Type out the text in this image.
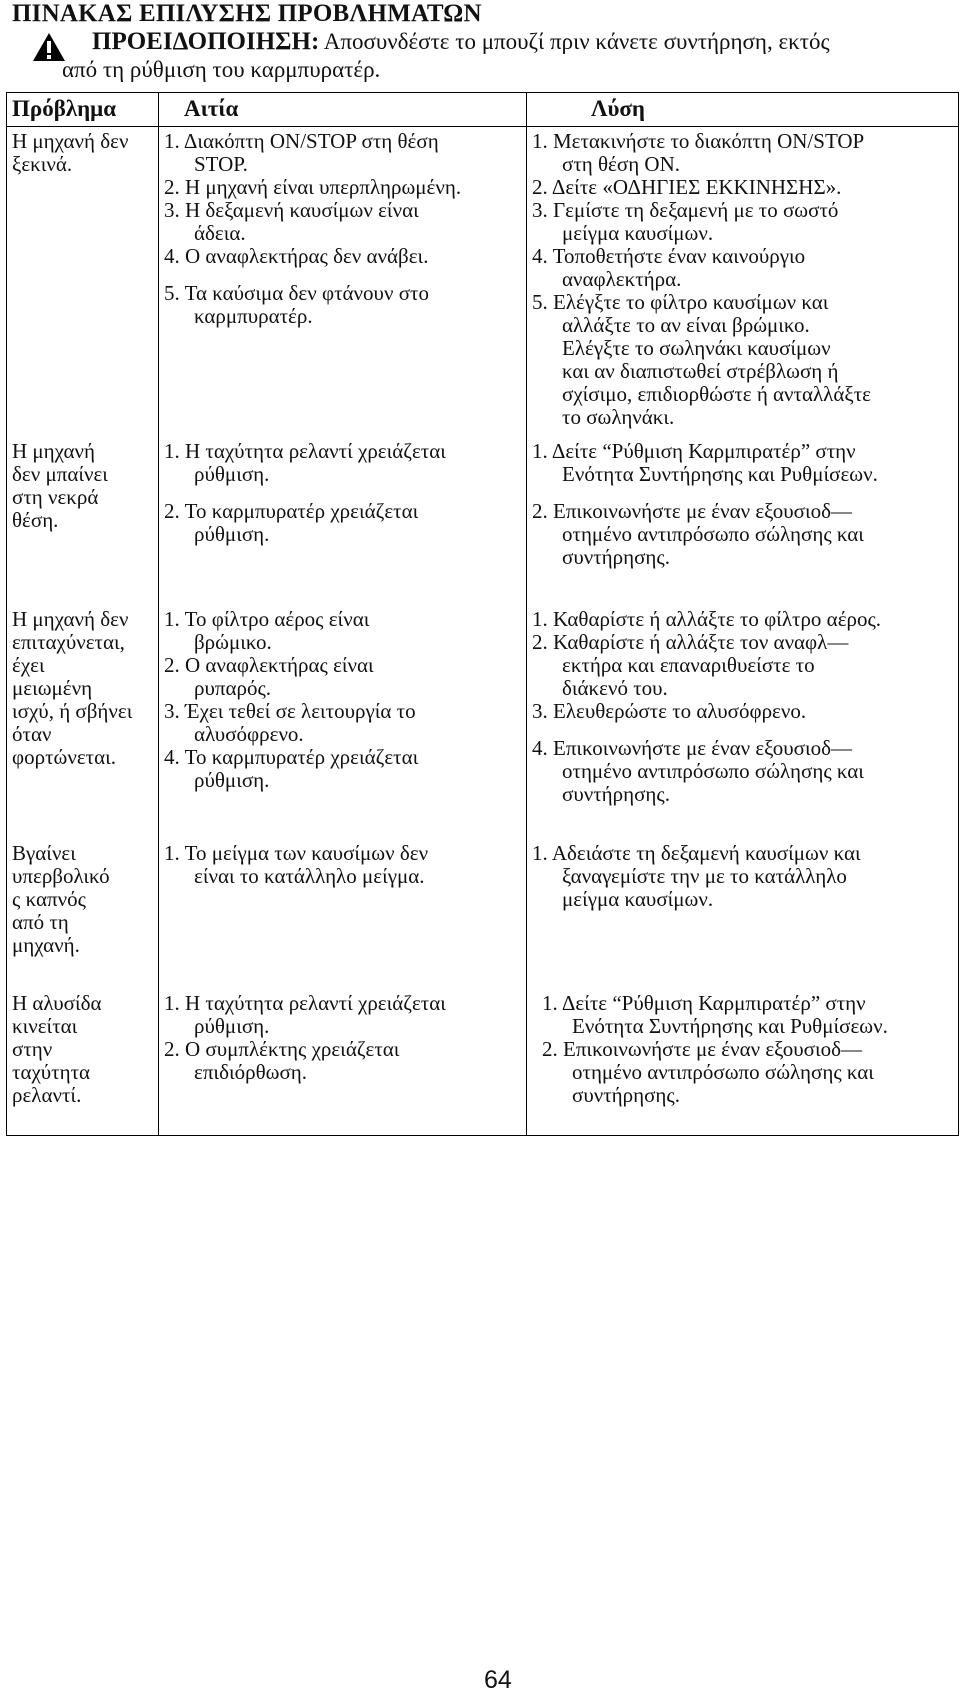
ΠΙΝΑΚΑΣ ΕΠΙΛΥΣΗΣ ΠΡΟΒΛΗΜΑΤΩΝ
ΠΡΟΕΙΔΟΠΟΙΗΣΗ: Αποσυνδέστε το μπουζί πριν κάνετε συντήρηση, εκτός
από τη ρύθμιση του καρμπυρατέρ.
Πρόβλημα	Αιτία	Λύση
Η μηχανή δεν
ξεκινά.
1. Διακόπτη ON/STOP στη θέση
STOP.
2. Η μηχανή είναι υπερπληρωμένη.
3. Η δεξαμενή καυσίμων είναι
άδεια.
4. Ο αναφλεκτήρας δεν ανάβει.
5. Τα καύσιμα δεν φτάνουν στο
καρμπυρατέρ.
1. Μετακινήστε το διακόπτη ON/STOP
στη θέση ON.
2. Δείτε «ΟΔΗΓΙΕΣ ΕΚΚΙΝΗΣΗΣ».
3. Γεμίστε τη δεξαμενή με το σωστό
μείγμα καυσίμων.
4. Τοποθετήστε έναν καινούργιο
αναφλεκτήρα.
5. Ελέγξτε το φίλτρο καυσίμων και
αλλάξτε το αν είναι βρώμικο.
Ελέγξτε το σωληνάκι καυσίμων
και αν διαπιστωθεί στρέβλωση ή
σχίσιμο, επιδιορθώστε ή ανταλλάξτε
το σωληνάκι.
Η μηχανή
δεν μπαίνει
στη νεκρά
θέση.
1. Η ταχύτητα ρελαντί χρειάζεται
ρύθμιση.
2. Το καρμπυρατέρ χρειάζεται
ρύθμιση.
1. Δείτε “Ρύθμιση Καρμπιρατέρ” στην
Ενότητα Συντήρησης και Ρυθμίσεων.
2. Επικοινωνήστε με έναν εξουσιοδ—
οτημένο αντιπρόσωπο σώλησης και
συντήρησης.
Η μηχανή δεν
επιταχύνεται,
έχει
μειωμένη
ισχύ, ή σβήνει
όταν
φορτώνεται.
1. Το φίλτρο αέρος είναι
βρώμικο.
2. Ο αναφλεκτήρας είναι
ρυπαρός.
3. Έχει τεθεί σε λειτουργία το
αλυσόφρενο.
4. Το καρμπυρατέρ χρειάζεται
ρύθμιση.
1. Καθαρίστε ή αλλάξτε το φίλτρο αέρος.
2. Καθαρίστε ή αλλάξτε τον αναφλ—
εκτήρα και επαναριθυείστε το
διάκενό του.
3. Ελευθερώστε το αλυσόφρενο.
4. Επικοινωνήστε με έναν εξουσιοδ—
οτημένο αντιπρόσωπο σώλησης και
συντήρησης.
Βγαίνει
υπερβολικό
ς καπνός
από τη
μηχανή.
1. Το μείγμα των καυσίμων δεν
είναι το κατάλληλο μείγμα.
1. Αδειάστε τη δεξαμενή καυσίμων και
ξαναγεμίστε την με το κατάλληλο
μείγμα καυσίμων.
Η αλυσίδα
κινείται
στην
ταχύτητα
ρελαντί.
1. Η ταχύτητα ρελαντί χρειάζεται
ρύθμιση.
2. Ο συμπλέκτης χρειάζεται
επιδιόρθωση.
1. Δείτε “Ρύθμιση Καρμπιρατέρ” στην
Ενότητα Συντήρησης και Ρυθμίσεων.
2. Επικοινωνήστε με έναν εξουσιοδ—
οτημένο αντιπρόσωπο σώλησης και
συντήρησης.
64
